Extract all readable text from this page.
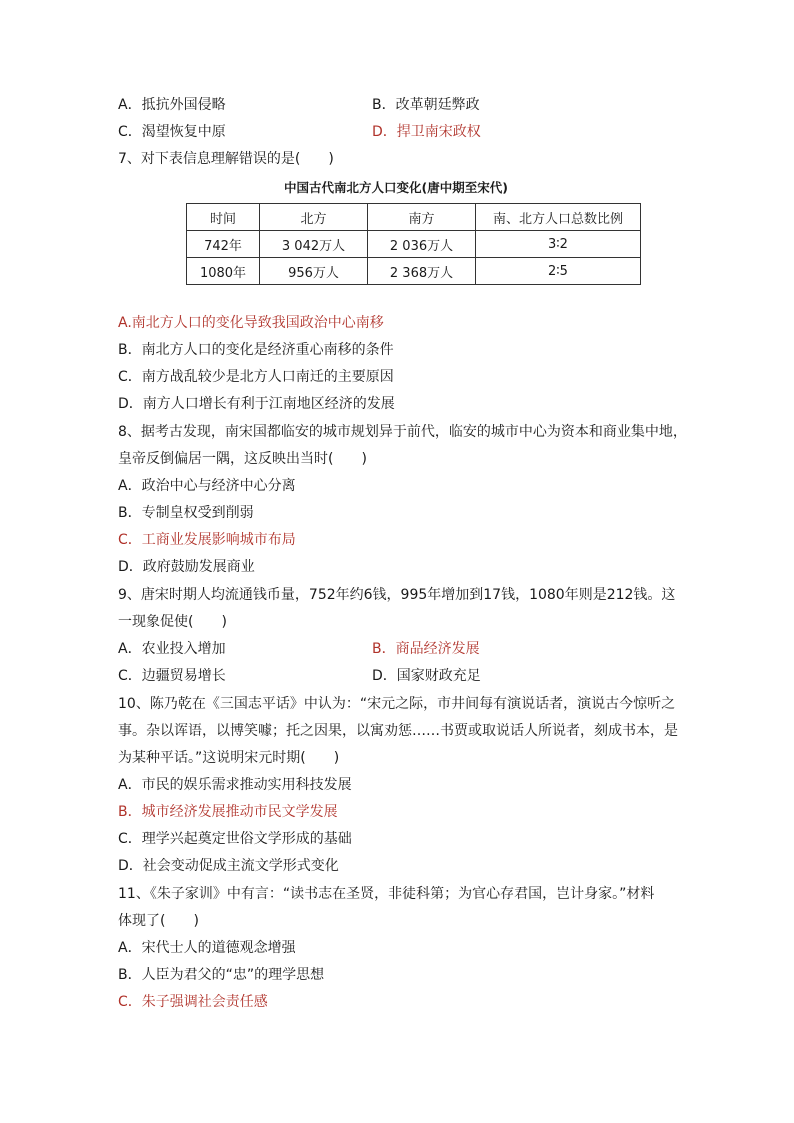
A．抵抗外国侵略	B．改革朝廷弊政
C．渴望恢复中原	D．捍卫南宋政权
7、对下表信息理解错误的是(　　)
中国古代南北方人口变化(唐中期至宋代)
时间	北方	南方	南、北方人口总数比例
742年	3 042万人	2 036万人	3∶2
1080年	956万人	2 368万人	2∶5
A.南北方人口的变化导致我国政治中心南移
B．南北方人口的变化是经济重心南移的条件
C．南方战乱较少是北方人口南迁的主要原因
D．南方人口增长有利于江南地区经济的发展
8、据考古发现，南宋国都临安的城市规划异于前代，临安的城市中心为资本和商业集中地，
皇帝反倒偏居一隅，这反映出当时(　　)
A．政治中心与经济中心分离
B．专制皇权受到削弱
C．工商业发展影响城市布局
D．政府鼓励发展商业
9、唐宋时期人均流通钱币量，752年约6钱，995年增加到17钱，1080年则是212钱。这
一现象促使(　　)
A．农业投入增加	B．商品经济发展
C．边疆贸易增长	D．国家财政充足
10、陈乃乾在《三国志平话》中认为：“宋元之际，市井间每有演说话者，演说古今惊听之
事。杂以诨语，以博笑噱；托之因果，以寓劝惩……书贾或取说话人所说者，刻成书本，是
为某种平话。”这说明宋元时期(　　)
A．市民的娱乐需求推动实用科技发展
B．城市经济发展推动市民文学发展
C．理学兴起奠定世俗文学形成的基础
D．社会变动促成主流文学形式变化
11、《朱子家训》中有言：“读书志在圣贤，非徒科第；为官心存君国，岂计身家。”材料
体现了(　　)
A．宋代士人的道德观念增强
B．人臣为君父的“忠”的理学思想
C．朱子强调社会责任感
